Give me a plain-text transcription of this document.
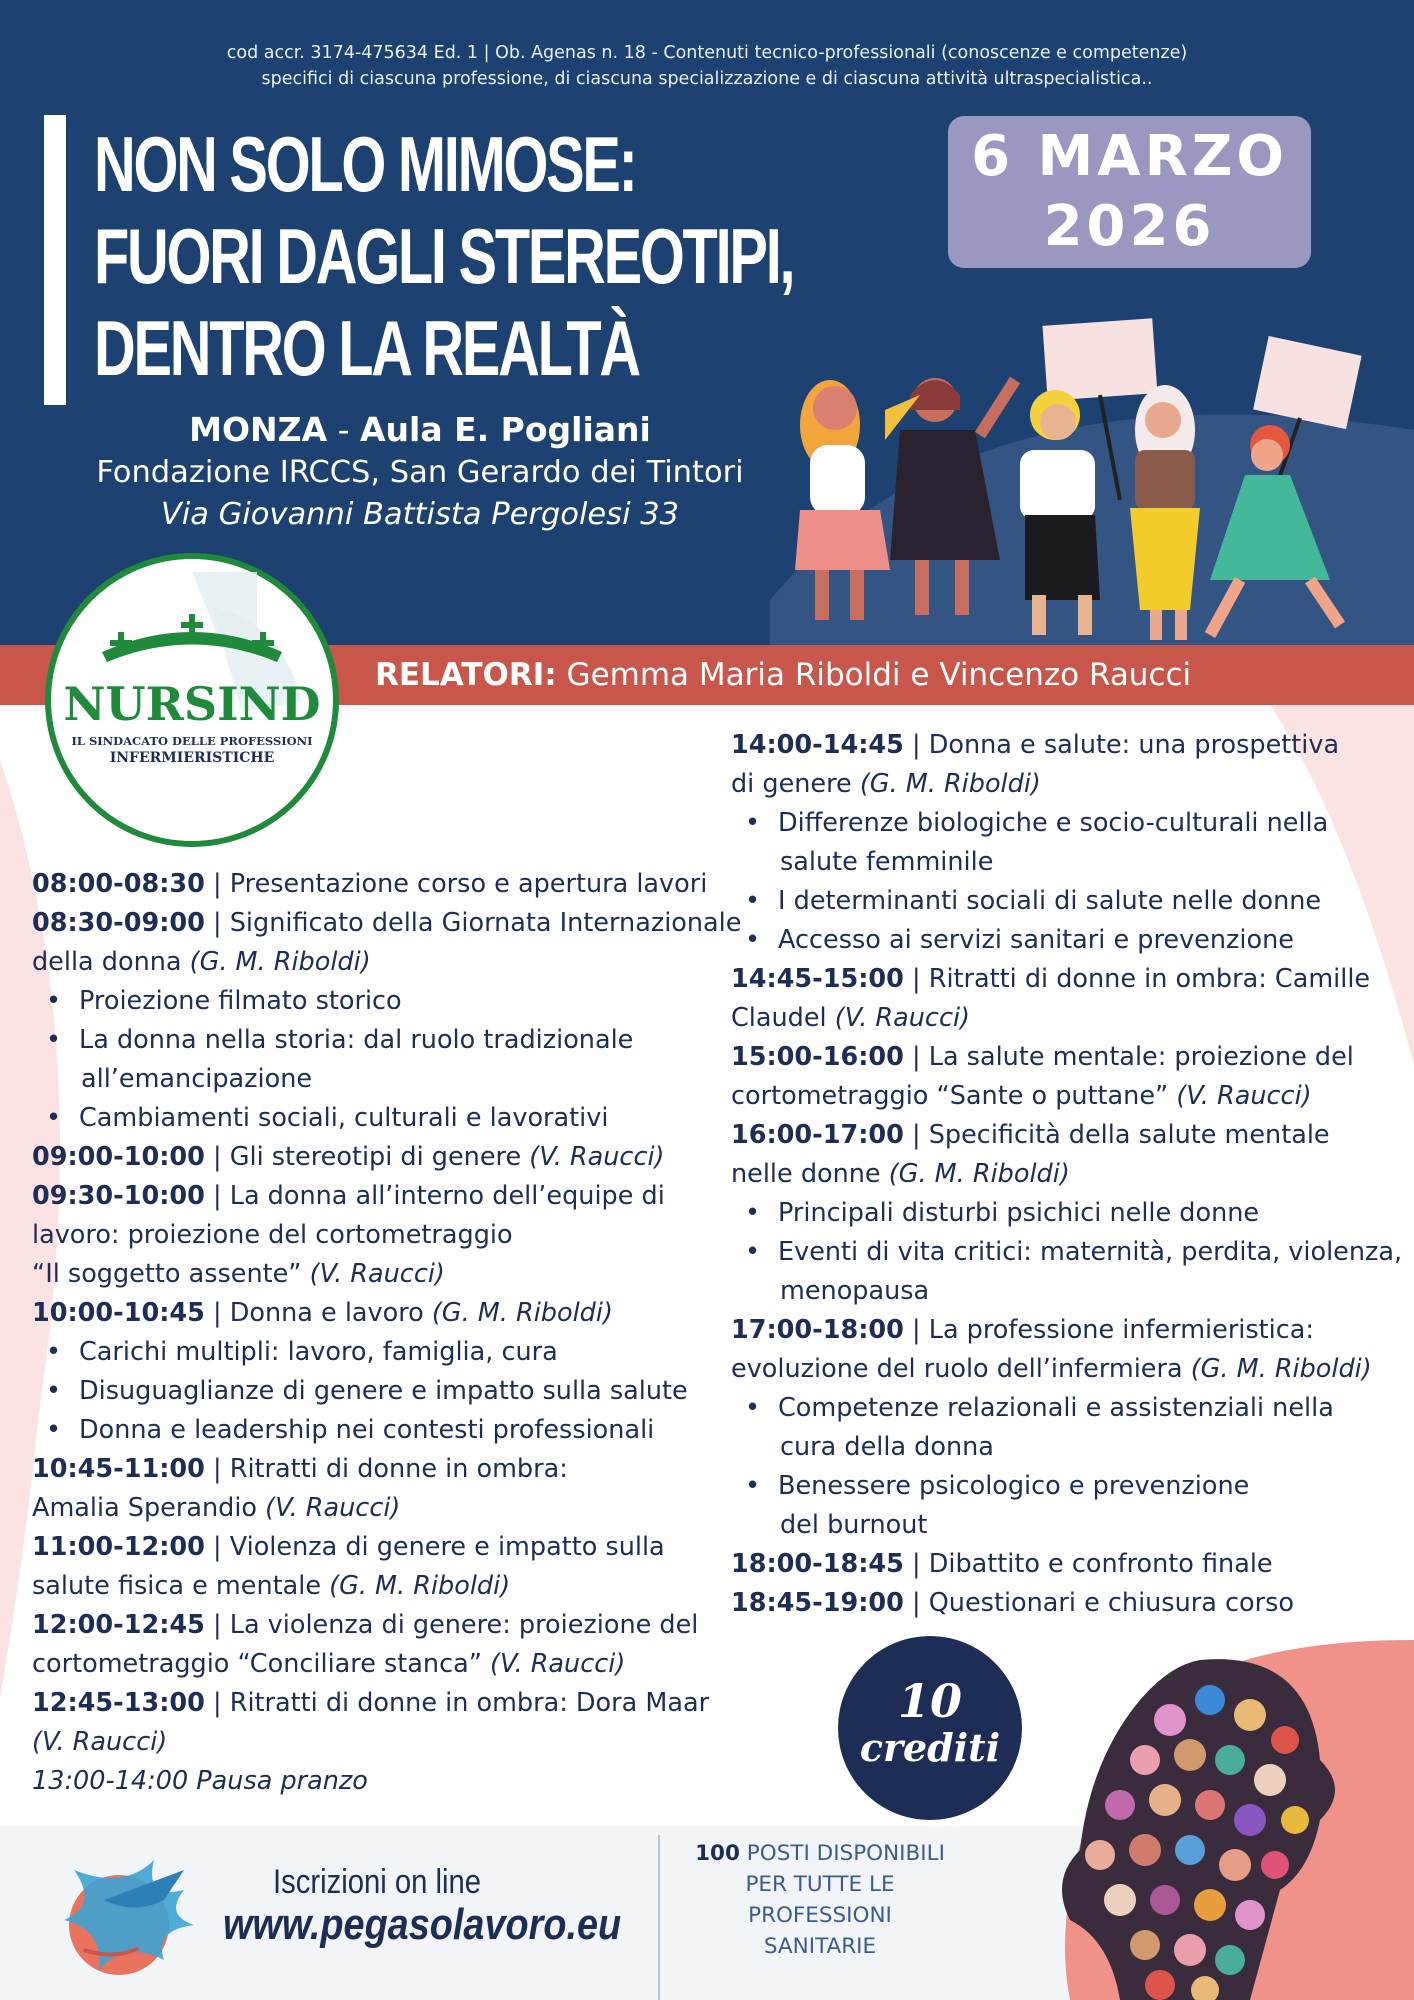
cod accr. 3174-475634 Ed. 1 | Ob. Agenas n. 18 - Contenuti tecnico-professionali (conoscenze e competenze)
specifici di ciascuna professione, di ciascuna specializzazione e di ciascuna attività ultraspecialistica..
NON SOLO MIMOSE:
FUORI DAGLI STEREOTIPI,
DENTRO LA REALTÀ
6 MARZO
2026
MONZA - Aula E. Pogliani
Fondazione IRCCS, San Gerardo dei Tintori
Via Giovanni Battista Pergolesi 33
RELATORI: Gemma Maria Riboldi e Vincenzo Raucci
NURSIND
IL SINDACATO DELLE PROFESSIONI
INFERMIERISTICHE
08:00-08:30 | Presentazione corso e apertura lavori
08:30-09:00 | Significato della Giornata Internazionale
della donna (G. M. Riboldi)
• Proiezione filmato storico
• La donna nella storia: dal ruolo tradizionale
all’emancipazione
• Cambiamenti sociali, culturali e lavorativi
09:00-10:00 | Gli stereotipi di genere (V. Raucci)
09:30-10:00 | La donna all’interno dell’equipe di
lavoro: proiezione del cortometraggio
“Il soggetto assente” (V. Raucci)
10:00-10:45 | Donna e lavoro (G. M. Riboldi)
• Carichi multipli: lavoro, famiglia, cura
• Disuguaglianze di genere e impatto sulla salute
• Donna e leadership nei contesti professionali
10:45-11:00 | Ritratti di donne in ombra:
Amalia Sperandio (V. Raucci)
11:00-12:00 | Violenza di genere e impatto sulla
salute fisica e mentale (G. M. Riboldi)
12:00-12:45 | La violenza di genere: proiezione del
cortometraggio “Conciliare stanca” (V. Raucci)
12:45-13:00 | Ritratti di donne in ombra: Dora Maar
(V. Raucci)
13:00-14:00 Pausa pranzo
14:00-14:45 | Donna e salute: una prospettiva
di genere (G. M. Riboldi)
• Differenze biologiche e socio-culturali nella
salute femminile
• I determinanti sociali di salute nelle donne
• Accesso ai servizi sanitari e prevenzione
14:45-15:00 | Ritratti di donne in ombra: Camille
Claudel (V. Raucci)
15:00-16:00 | La salute mentale: proiezione del
cortometraggio “Sante o puttane” (V. Raucci)
16:00-17:00 | Specificità della salute mentale
nelle donne (G. M. Riboldi)
• Principali disturbi psichici nelle donne
• Eventi di vita critici: maternità, perdita, violenza,
menopausa
17:00-18:00 | La professione infermieristica:
evoluzione del ruolo dell’infermiera (G. M. Riboldi)
• Competenze relazionali e assistenziali nella
cura della donna
• Benessere psicologico e prevenzione
del burnout
18:00-18:45 | Dibattito e confronto finale
18:45-19:00 | Questionari e chiusura corso
10
crediti
Iscrizioni on line
www.pegasolavoro.eu
100 POSTI DISPONIBILI
PER TUTTE LE
PROFESSIONI
SANITARIE
